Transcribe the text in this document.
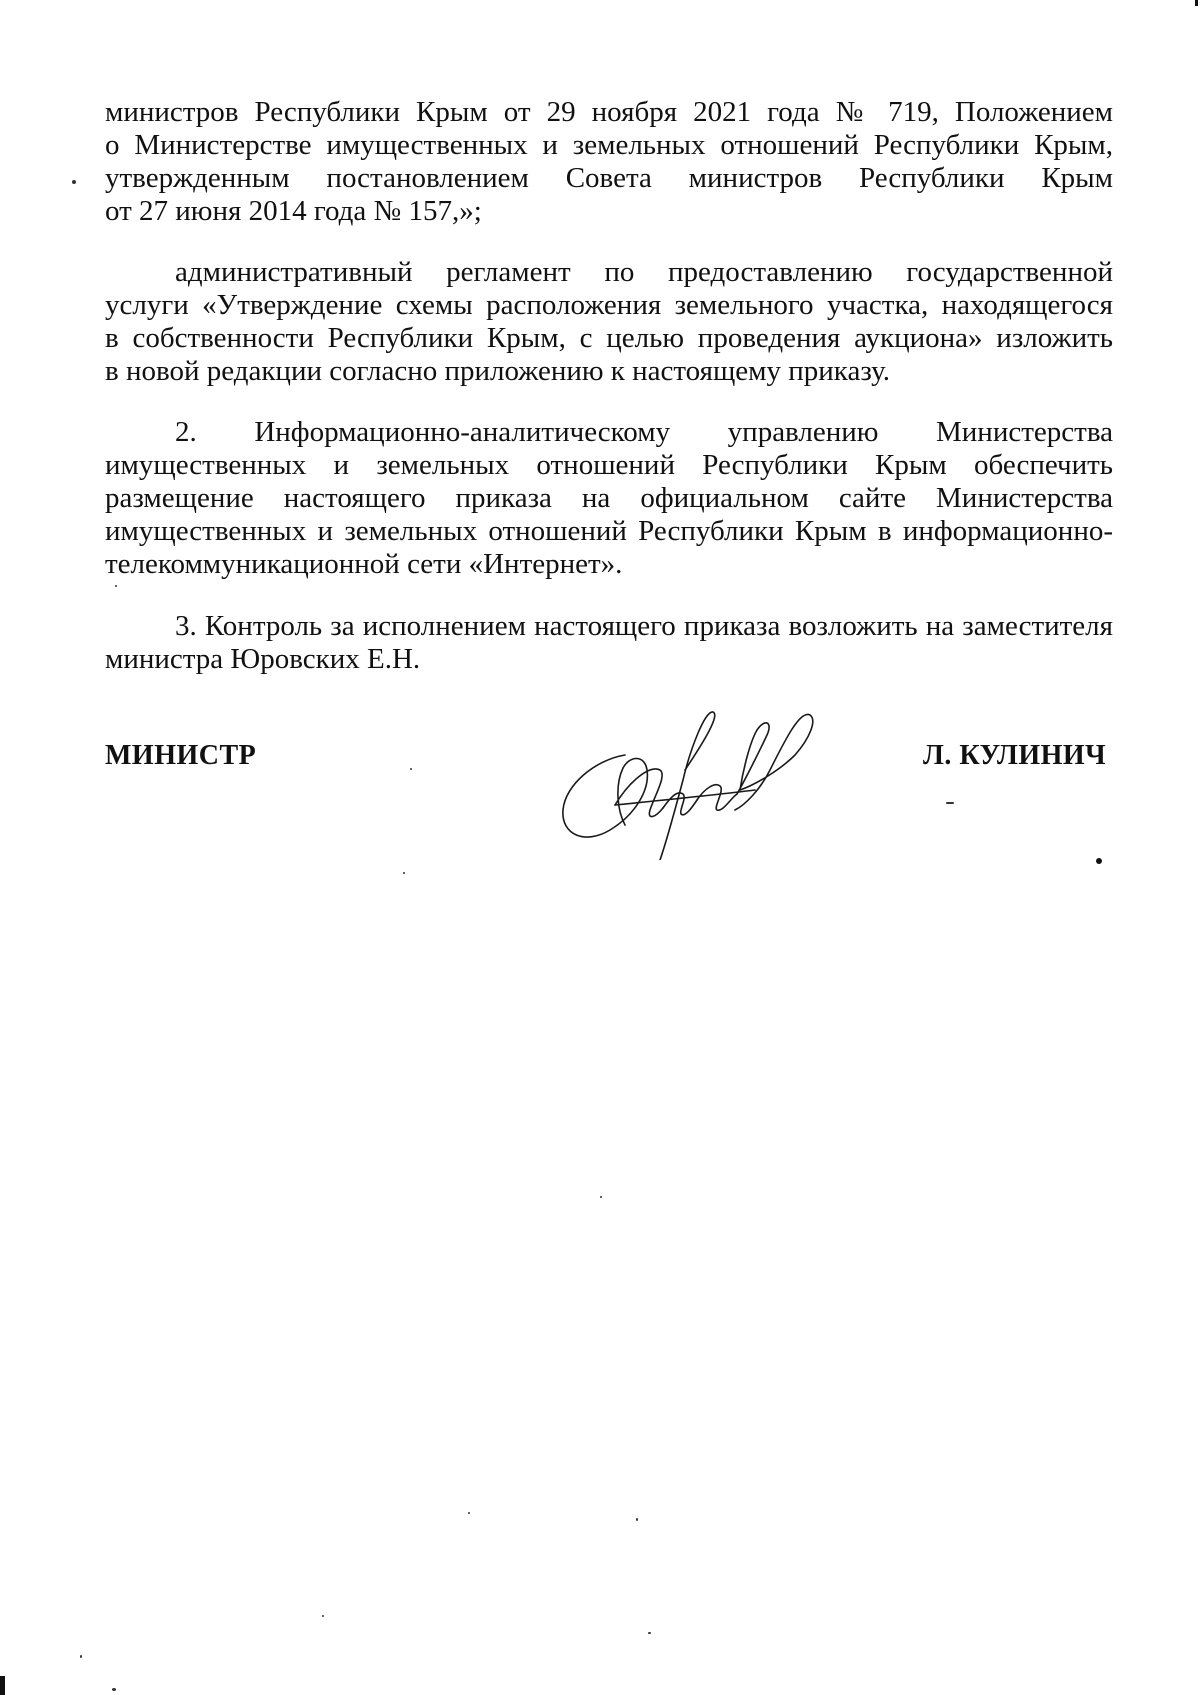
министров Республики Крым от 29 ноября 2021 года № 719, Положением
о Министерстве имущественных и земельных отношений Республики Крым,
утвержденным постановлением Совета министров Республики Крым
от 27 июня 2014 года № 157,»;
административный регламент по предоставлению государственной
услуги «Утверждение схемы расположения земельного участка, находящегося
в собственности Республики Крым, с целью проведения аукциона» изложить
в новой редакции согласно приложению к настоящему приказу.
2. Информационно-аналитическому управлению Министерства
имущественных и земельных отношений Республики Крым обеспечить
размещение настоящего приказа на официальном сайте Министерства
имущественных и земельных отношений Республики Крым в информационно-
телекоммуникационной сети «Интернет».
3. Контроль за исполнением настоящего приказа возложить на заместителя
министра Юровских Е.Н.
МИНИСТР	Л. КУЛИНИЧ
